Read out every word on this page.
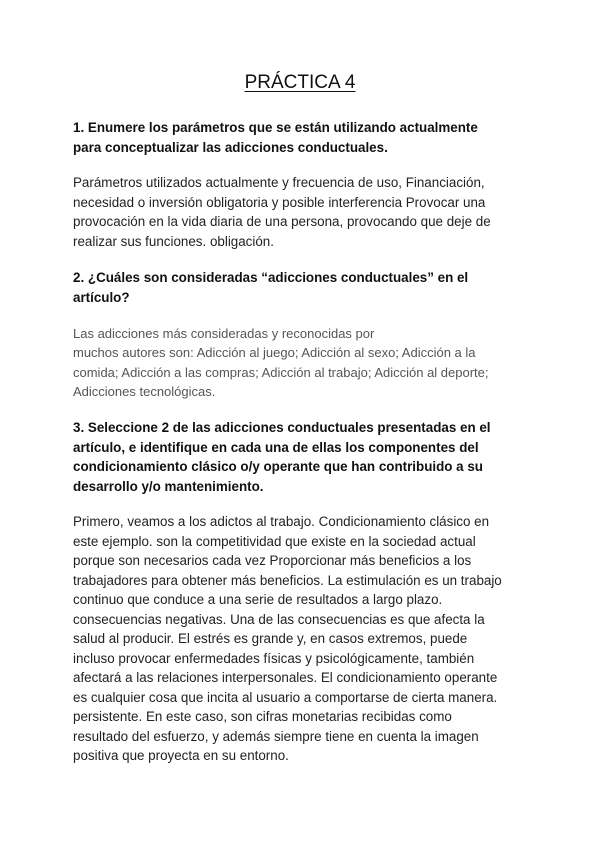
PRÁCTICA 4
1. Enumere los parámetros que se están utilizando actualmente
para conceptualizar las adicciones conductuales.
Parámetros utilizados actualmente y frecuencia de uso, Financiación,
necesidad o inversión obligatoria y posible interferencia Provocar una
provocación en la vida diaria de una persona, provocando que deje de
realizar sus funciones. obligación.
2. ¿Cuáles son consideradas “adicciones conductuales” en el
artículo?
Las adicciones más consideradas y reconocidas por
muchos autores son: Adicción al juego; Adicción al sexo; Adicción a la
comida; Adicción a las compras; Adicción al trabajo; Adicción al deporte;
Adicciones tecnológicas.
3. Seleccione 2 de las adicciones conductuales presentadas en el
artículo, e identifique en cada una de ellas los componentes del
condicionamiento clásico o/y operante que han contribuido a su
desarrollo y/o mantenimiento.
Primero, veamos a los adictos al trabajo. Condicionamiento clásico en
este ejemplo. son la competitividad que existe en la sociedad actual
porque son necesarios cada vez Proporcionar más beneficios a los
trabajadores para obtener más beneficios. La estimulación es un trabajo
continuo que conduce a una serie de resultados a largo plazo.
consecuencias negativas. Una de las consecuencias es que afecta la
salud al producir. El estrés es grande y, en casos extremos, puede
incluso provocar enfermedades físicas y psicológicamente, también
afectará a las relaciones interpersonales. El condicionamiento operante
es cualquier cosa que incita al usuario a comportarse de cierta manera.
persistente. En este caso, son cifras monetarias recibidas como
resultado del esfuerzo, y además siempre tiene en cuenta la imagen
positiva que proyecta en su entorno.
